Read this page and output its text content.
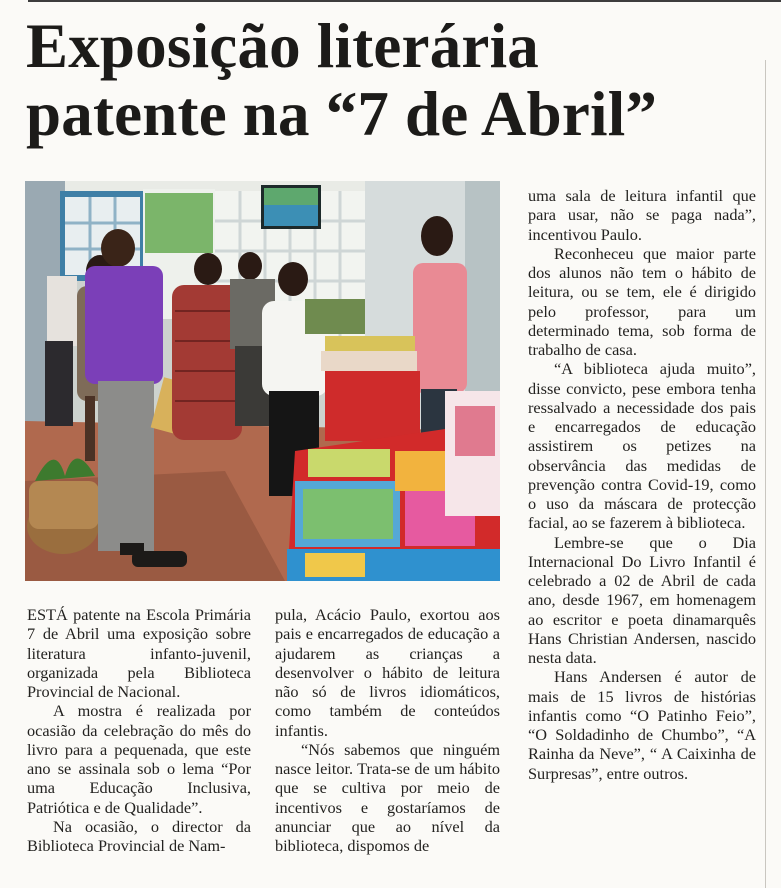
Exposição literária
patente na “7 de Abril”

ESTÁ patente na Escola Primária 7 de Abril uma exposição sobre literatura infanto-juvenil, organizada pela Biblioteca Provincial de Nacional.

A mostra é realizada por ocasião da celebração do mês do livro para a pequenada, que este ano se assinala sob o lema “Por uma Educação Inclusiva, Patriótica e de Qualidade”.

Na ocasião, o director da Biblioteca Provincial de Nam-

pula, Acácio Paulo, exortou aos pais e encarregados de educação a ajudarem as crianças a desenvolver o hábito de leitura não só de livros idiomáticos, como também de conteúdos infantis.

“Nós sabemos que ninguém nasce leitor. Trata-se de um hábito que se cultiva por meio de incentivos e gostaríamos de anunciar que ao nível da biblioteca, dispomos de

uma sala de leitura infantil que para usar, não se paga nada”, incentivou Paulo.

Reconheceu que maior parte dos alunos não tem o hábito de leitura, ou se tem, ele é dirigido pelo professor, para um determinado tema, sob forma de trabalho de casa.

“A biblioteca ajuda muito”, disse convicto, pese embora tenha ressalvado a necessidade dos pais e encarregados de educação assistirem os petizes na observância das medidas de prevenção contra Covid-19, como o uso da máscara de protecção facial, ao se fazerem à biblioteca.

Lembre-se que o Dia Internacional Do Livro Infantil é celebrado a 02 de Abril de cada ano, desde 1967, em homenagem ao escritor e poeta dinamarquês Hans Christian Andersen, nascido nesta data.

Hans Andersen é autor de mais de 15 livros de histórias infantis como “O Patinho Feio”, “O Soldadinho de Chumbo”, “A Rainha da Neve”, “ A Caixinha de Surpresas”, entre outros.
